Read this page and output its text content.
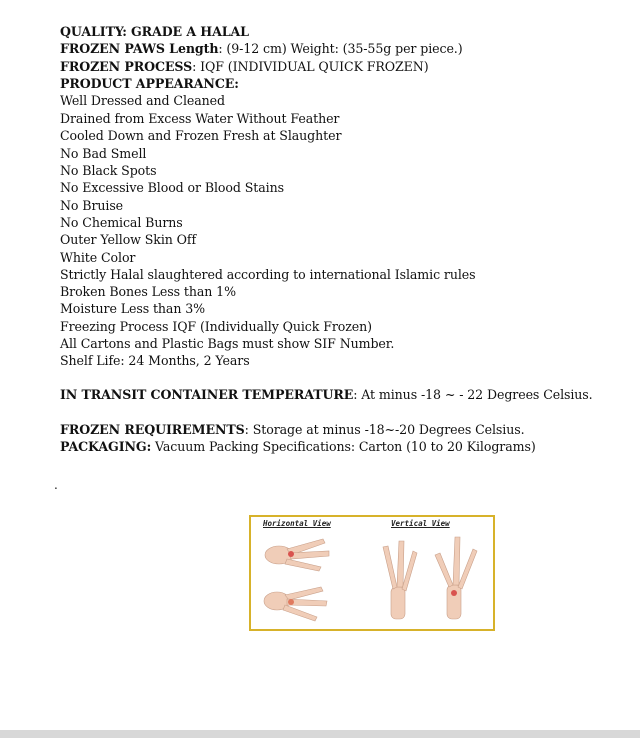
QUALITY: GRADE A HALAL
FROZEN PAWS Length: (9-12 cm) Weight: (35-55g per piece.)
FROZEN PROCESS: IQF (INDIVIDUAL QUICK FROZEN)
PRODUCT APPEARANCE:
Well Dressed and Cleaned
Drained from Excess Water Without Feather
Cooled Down and Frozen Fresh at Slaughter
No Bad Smell
No Black Spots
No Excessive Blood or Blood Stains
No Bruise
No Chemical Burns
Outer Yellow Skin Off
White Color
Strictly Halal slaughtered according to international Islamic rules
Broken Bones Less than 1%
Moisture Less than 3%
Freezing Process IQF (Individually Quick Frozen)
All Cartons and Plastic Bags must show SIF Number.
Shelf Life: 24 Months, 2 Years
IN TRANSIT CONTAINER TEMPERATURE: At minus -18 ~ - 22 Degrees Celsius.
FROZEN REQUIREMENTS: Storage at minus -18~-20 Degrees Celsius.
PACKAGING: Vacuum Packing Specifications: Carton (10 to 20 Kilograms)
.
Horizontal View	Vertical View
